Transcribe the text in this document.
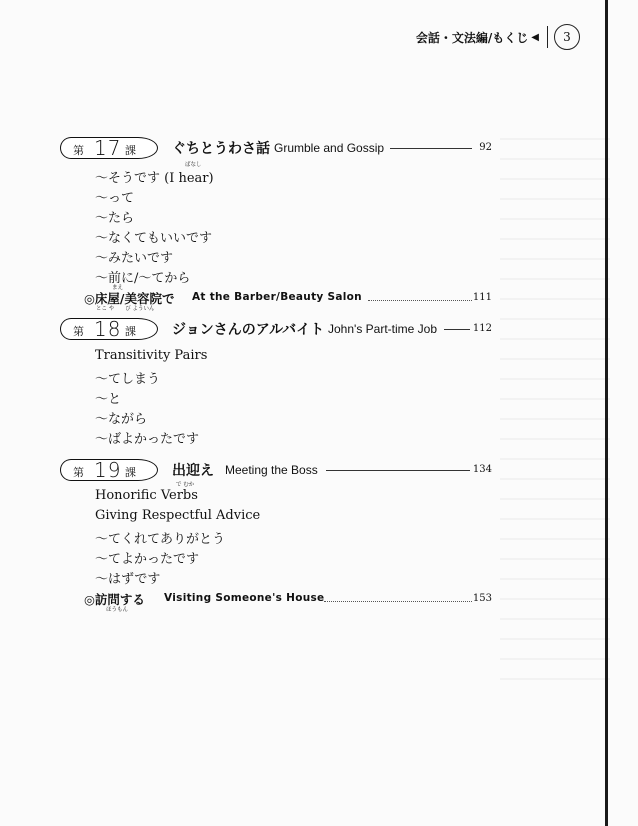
会話・文法編/もくじ ◀	3
第 17 課	ぐちとうわさ話 Grumble and Gossip	92
ばなし
〜そうです (I hear)
〜って
〜たら
〜なくてもいいです
〜みたいです
〜前に/〜てから
まえ
◎床屋/美容院で At the Barber/Beauty Salon	111
とこ や　　び よういん
第 18 課	ジョンさんのアルバイト John's Part-time Job	112
Transitivity Pairs
〜てしまう
〜と
〜ながら
〜ばよかったです
第 19 課	出迎え Meeting the Boss	134
で むか
Honorific Verbs
Giving Respectful Advice
〜てくれてありがとう
〜てよかったです
〜はずです
◎訪問する Visiting Someone's House	153
ほうもん
